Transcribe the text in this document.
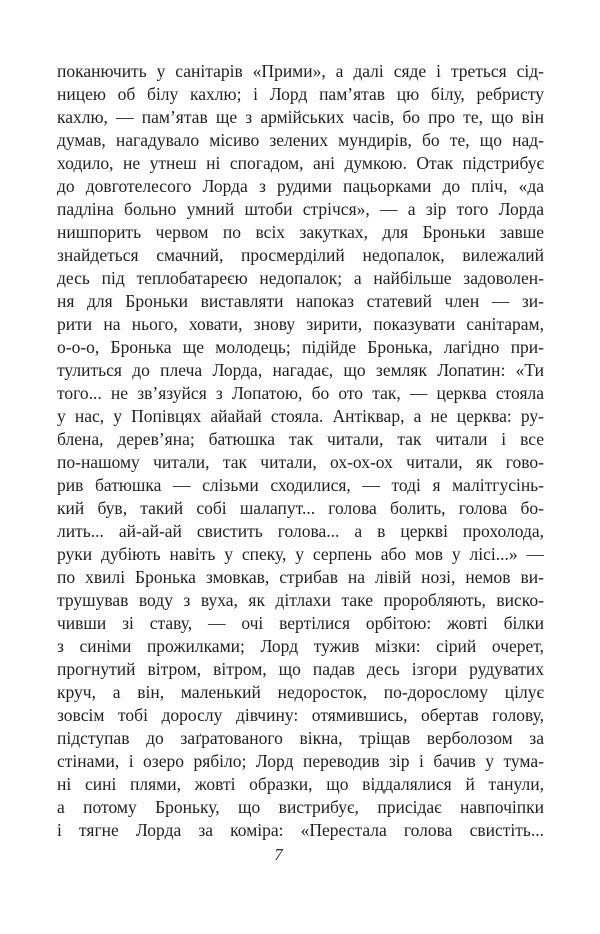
поканючить у санітарів «Прими», а далі сяде і треться сід-
ницею об білу кахлю; і Лорд пам’ятав цю білу, ребристу
кахлю, — пам’ятав ще з армійських часів, бо про те, що він
думав, нагадувало місиво зелених мундирів, бо те, що над-
ходило, не утнеш ні спогадом, ані думкою. Отак підстрибує
до довготелесого Лорда з рудими пацьорками до пліч, «да
падліна больно умний штоби стрічся», — а зір того Лорда
нишпорить червом по всіх закутках, для Броньки завше
знайдеться смачний, просмерділий недопалок, вилежалий
десь під теплобатареєю недопалок; а найбільше задоволен-
ня для Броньки виставляти напоказ статевий член — зи-
рити на нього, ховати, знову зирити, показувати санітарам,
о-о-о, Бронька ще молодець; підійде Бронька, лагідно при-
тулиться до плеча Лорда, нагадає, що земляк Лопатин: «Ти
того... не зв’язуйся з Лопатою, бо ото так, — церква стояла
у нас, у Попівцях айайай стояла. Антіквар, а не церква: ру-
блена, дерев’яна; батюшка так читали, так читали і все
по-нашому читали, так читали, ох-ох-ох читали, як гово-
рив батюшка — слізьми сходилися, — тоді я малітгусінь-
кий був, такий собі шалапут... голова болить, голова бо-
лить... ай-ай-ай свистить голова... а в церкві прохолода,
руки дубіють навіть у спеку, у серпень або мов у лісі...» —
по хвилі Бронька змовкав, стрибав на лівій нозі, немов ви-
трушував воду з вуха, як дітлахи таке проробляють, виско-
чивши зі ставу, — очі вертілися орбітою: жовті білки
з синіми прожилками; Лорд тужив мізки: сірий очерет,
прогнутий вітром, вітром, що падав десь ізгори рудуватих
круч, а він, маленький недоросток, по-дорослому цілує
зовсім тобі дорослу дівчину: отямившись, обертав голову,
підступав до заґратованого вікна, тріщав верболозом за
стінами, і озеро рябіло; Лорд переводив зір і бачив у тума-
ні сині плями, жовті образки, що віддалялися й танули,
а потому Броньку, що вистрибує, присідає навпочіпки
і тягне Лорда за коміра: «Перестала голова свистіть...
7
